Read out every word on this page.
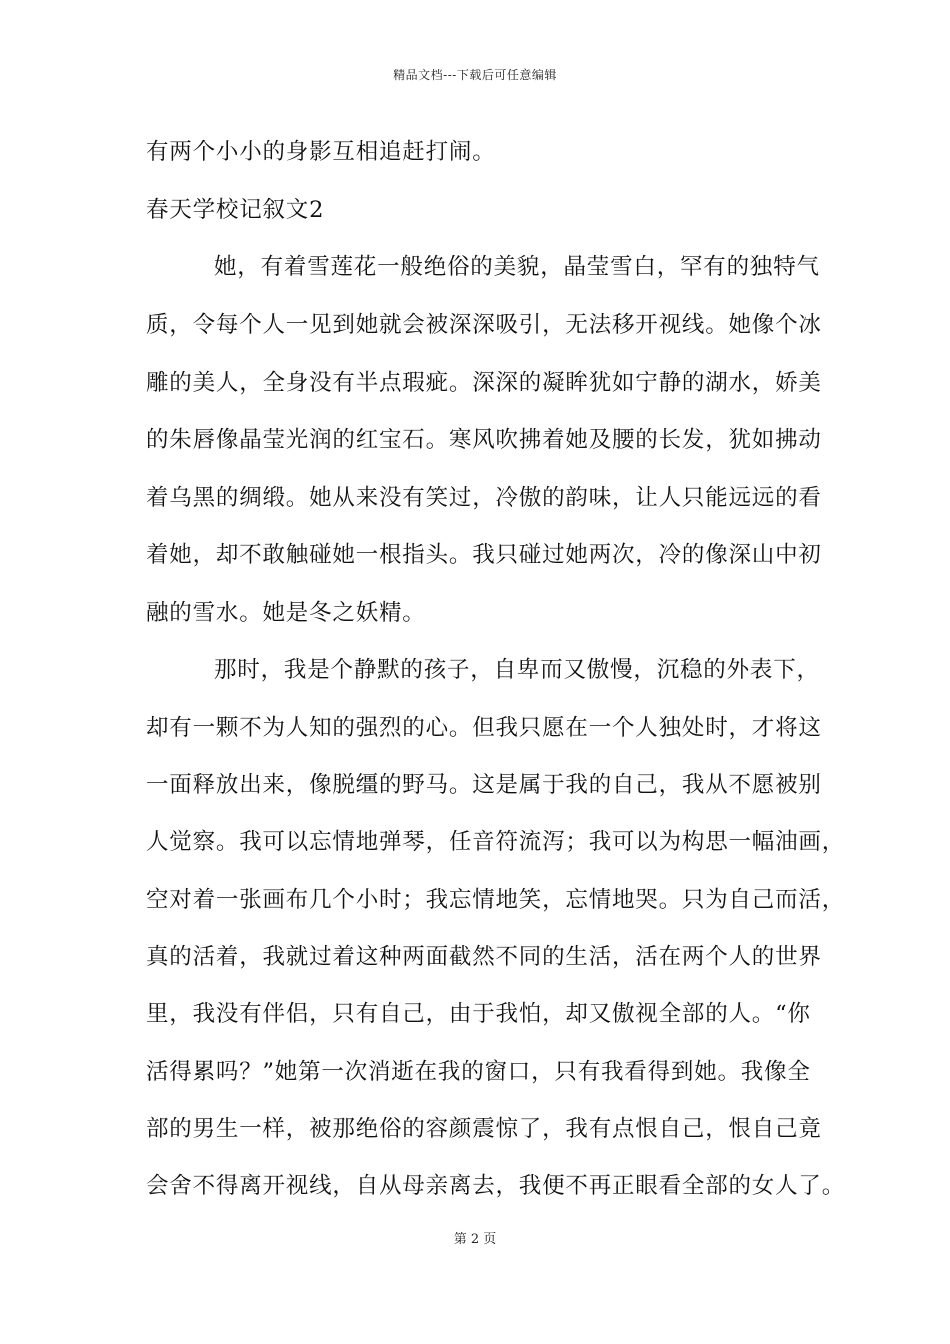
精品文档---下载后可任意编辑
有两个小小的身影互相追赶打闹。
春天学校记叙文2
她，有着雪莲花一般绝俗的美貌，晶莹雪白，罕有的独特气
质，令每个人一见到她就会被深深吸引，无法移开视线。她像个冰
雕的美人，全身没有半点瑕疵。深深的凝眸犹如宁静的湖水，娇美
的朱唇像晶莹光润的红宝石。寒风吹拂着她及腰的长发，犹如拂动
着乌黑的绸缎。她从来没有笑过，冷傲的韵味，让人只能远远的看
着她，却不敢触碰她一根指头。我只碰过她两次，冷的像深山中初
融的雪水。她是冬之妖精。
那时，我是个静默的孩子，自卑而又傲慢，沉稳的外表下，
却有一颗不为人知的强烈的心。但我只愿在一个人独处时，才将这
一面释放出来，像脱缰的野马。这是属于我的自己，我从不愿被别
人觉察。我可以忘情地弹琴，任音符流泻；我可以为构思一幅油画，
空对着一张画布几个小时；我忘情地笑，忘情地哭。只为自己而活，
真的活着，我就过着这种两面截然不同的生活，活在两个人的世界
里，我没有伴侣，只有自己，由于我怕，却又傲视全部的人。“你
活得累吗？”她第一次消逝在我的窗口，只有我看得到她。我像全
部的男生一样，被那绝俗的容颜震惊了，我有点恨自己，恨自己竟
会舍不得离开视线，自从母亲离去，我便不再正眼看全部的女人了。
第 2 页
